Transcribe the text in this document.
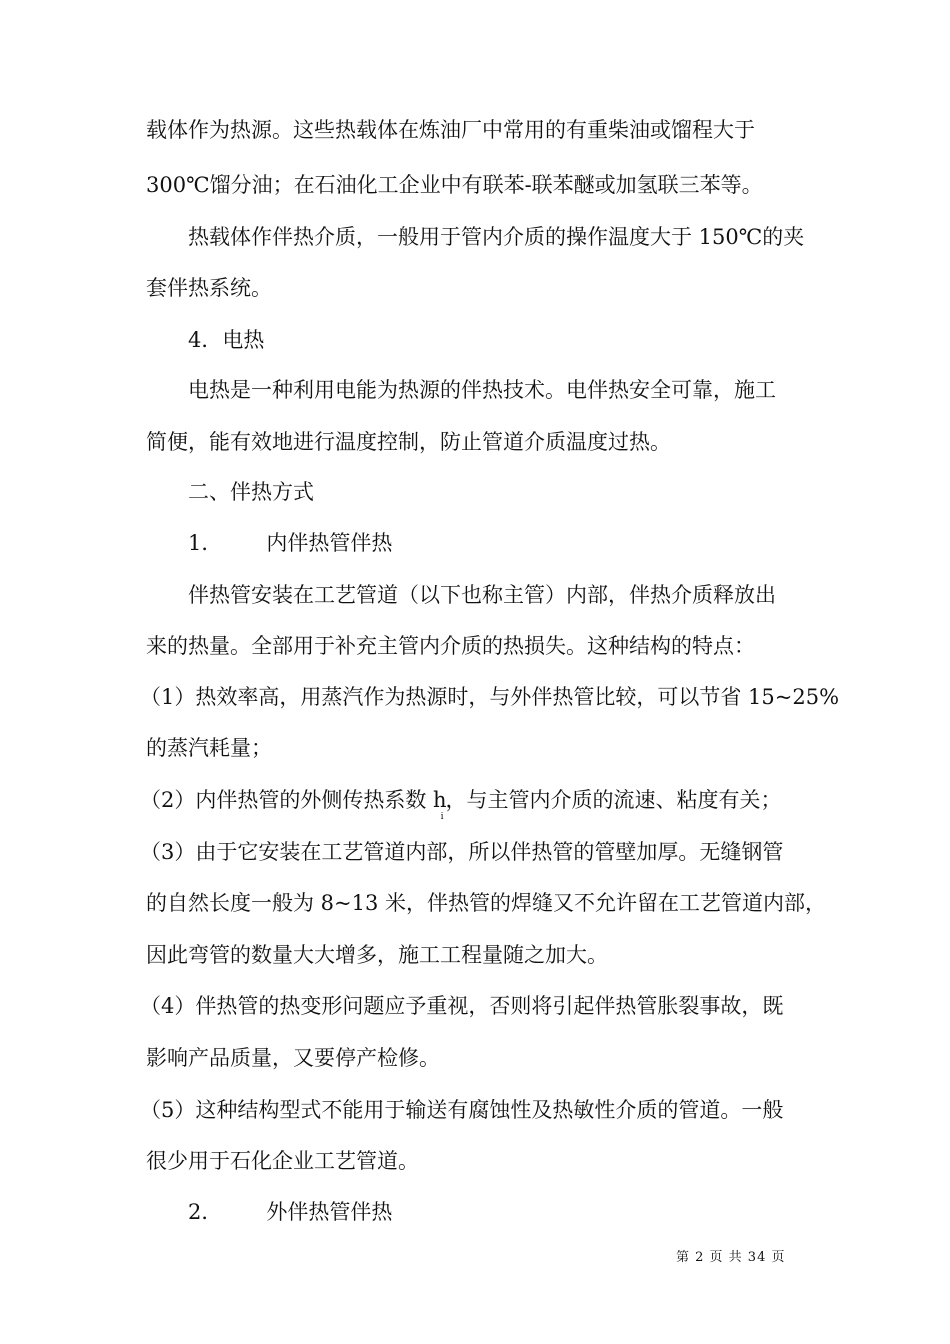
载体作为热源。这些热载体在炼油厂中常用的有重柴油或馏程大于
300℃馏分油；在石油化工企业中有联苯-联苯醚或加氢联三苯等。
热载体作伴热介质，一般用于管内介质的操作温度大于 150℃的夹
套伴热系统。
4．电热
电热是一种利用电能为热源的伴热技术。电伴热安全可靠，施工
简便，能有效地进行温度控制，防止管道介质温度过热。
二、伴热方式
1． 内伴热管伴热
伴热管安装在工艺管道（以下也称主管）内部，伴热介质释放出
来的热量。全部用于补充主管内介质的热损失。这种结构的特点：
（1）热效率高，用蒸汽作为热源时，与外伴热管比较，可以节省 15~25%
的蒸汽耗量；
（2）内伴热管的外侧传热系数 $h_i$，与主管内介质的流速、粘度有关；
（3）由于它安装在工艺管道内部，所以伴热管的管壁加厚。无缝钢管
的自然长度一般为 8~13 米，伴热管的焊缝又不允许留在工艺管道内部，
因此弯管的数量大大增多，施工工程量随之加大。
（4）伴热管的热变形问题应予重视，否则将引起伴热管胀裂事故，既
影响产品质量，又要停产检修。
（5）这种结构型式不能用于输送有腐蚀性及热敏性介质的管道。一般
很少用于石化企业工艺管道。
2． 外伴热管伴热
第 2 页 共 34 页
